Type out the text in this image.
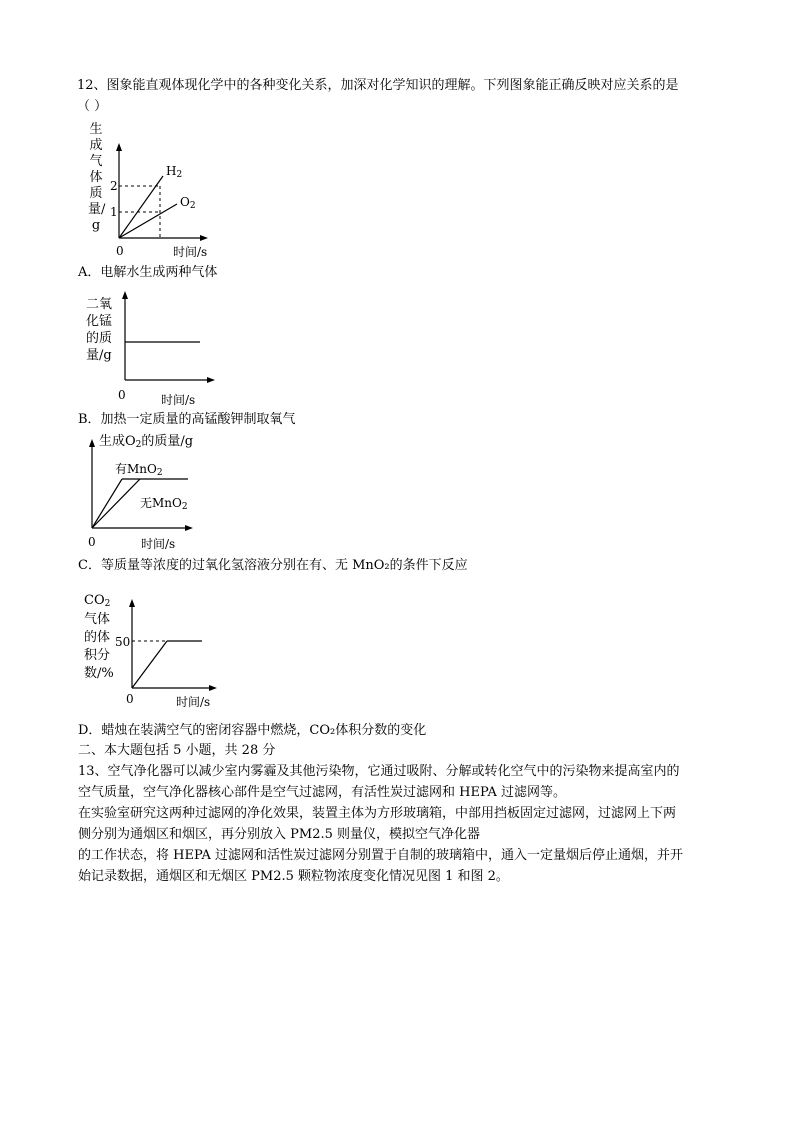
12、图象能直观体现化学中的各种变化关系，加深对化学知识的理解。下列图象能正确反映对应关系的是
（ ）
生成气体质量/g
2
1
0	时间/s
$H_2$
$O_2$
A．电解水生成两种气体
二氧
化锰
的质
量/g
0	时间/s
B．加热一定质量的高锰酸钾制取氧气
生成$O_2$的质量/g
有MnO$_2$
无MnO$_2$
0	时间/s
C．等质量等浓度的过氧化氢溶液分别在有、无 MnO₂的条件下反应
$CO_2$
气体
的体
积分
数/%
50
0	时间/s
D．蜡烛在装满空气的密闭容器中燃烧，CO₂体积分数的变化
二、本大题包括 5 小题，共 28 分
13、空气净化器可以减少室内雾霾及其他污染物，它通过吸附、分解或转化空气中的污染物来提高室内的
空气质量，空气净化器核心部件是空气过滤网，有活性炭过滤网和 HEPA 过滤网等。
在实验室研究这两种过滤网的净化效果，装置主体为方形玻璃箱，中部用挡板固定过滤网，过滤网上下两
侧分别为通烟区和烟区，再分别放入 PM2.5 则量仪，模拟空气净化器
的工作状态，将 HEPA 过滤网和活性炭过滤网分别置于自制的玻璃箱中，通入一定量烟后停止通烟，并开
始记录数据，通烟区和无烟区 PM2.5 颗粒物浓度变化情况见图 1 和图 2。
